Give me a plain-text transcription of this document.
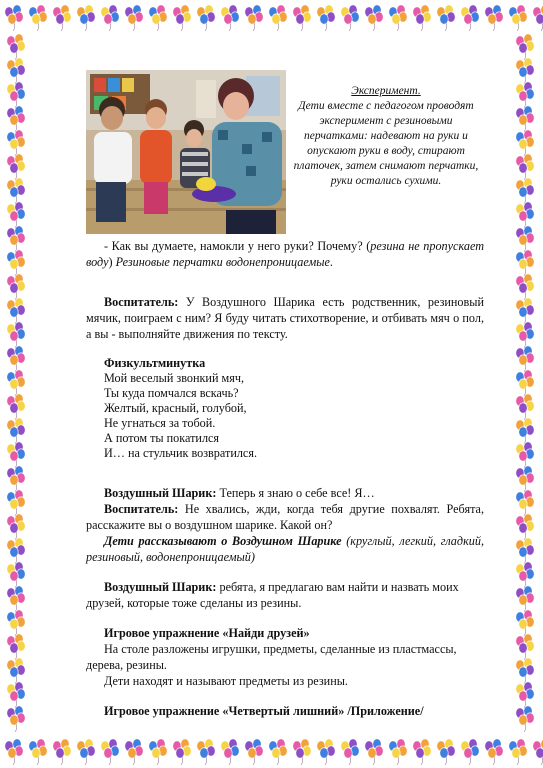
Эксперимент.
Дети вместе с педагогом проводят эксперимент с резиновыми перчатками: надевают на руки и опускают руки в воду, стирают платочек, затем снимают перчатки, руки остались сухими.

- Как вы думаете, намокли у него руки? Почему? (резина не пропускает воду) Резиновые перчатки водонепроницаемые.

Воспитатель: У Воздушного Шарика есть родственник, резиновый мячик, поиграем с ним? Я буду читать стихотворение, и отбивать мяч о пол, а вы - выполняйте движения по тексту.

Физкультминутка

Мой веселый звонкий мяч,

Ты куда помчался вскачь?

Желтый, красный, голубой,

Не угнаться за тобой.

А потом ты покатился

И… на стульчик возвратился.

Воздушный Шарик: Теперь я знаю о себе все! Я…

Воспитатель: Не хвались, жди, когда тебя другие похвалят. Ребята, расскажите вы о воздушном шарике. Какой он?

Дети рассказывают о Воздушном Шарике (круглый, легкий, гладкий, резиновый, водонепроницаемый)

Воздушный Шарик: ребята, я предлагаю вам найти и назвать моих друзей, которые тоже сделаны из резины.

Игровое упражнение «Найди друзей»

На столе разложены игрушки, предметы, сделанные из пластмассы, дерева, резины.

Дети находят и называют предметы из резины.

Игровое упражнение «Четвертый лишний» /Приложение/
